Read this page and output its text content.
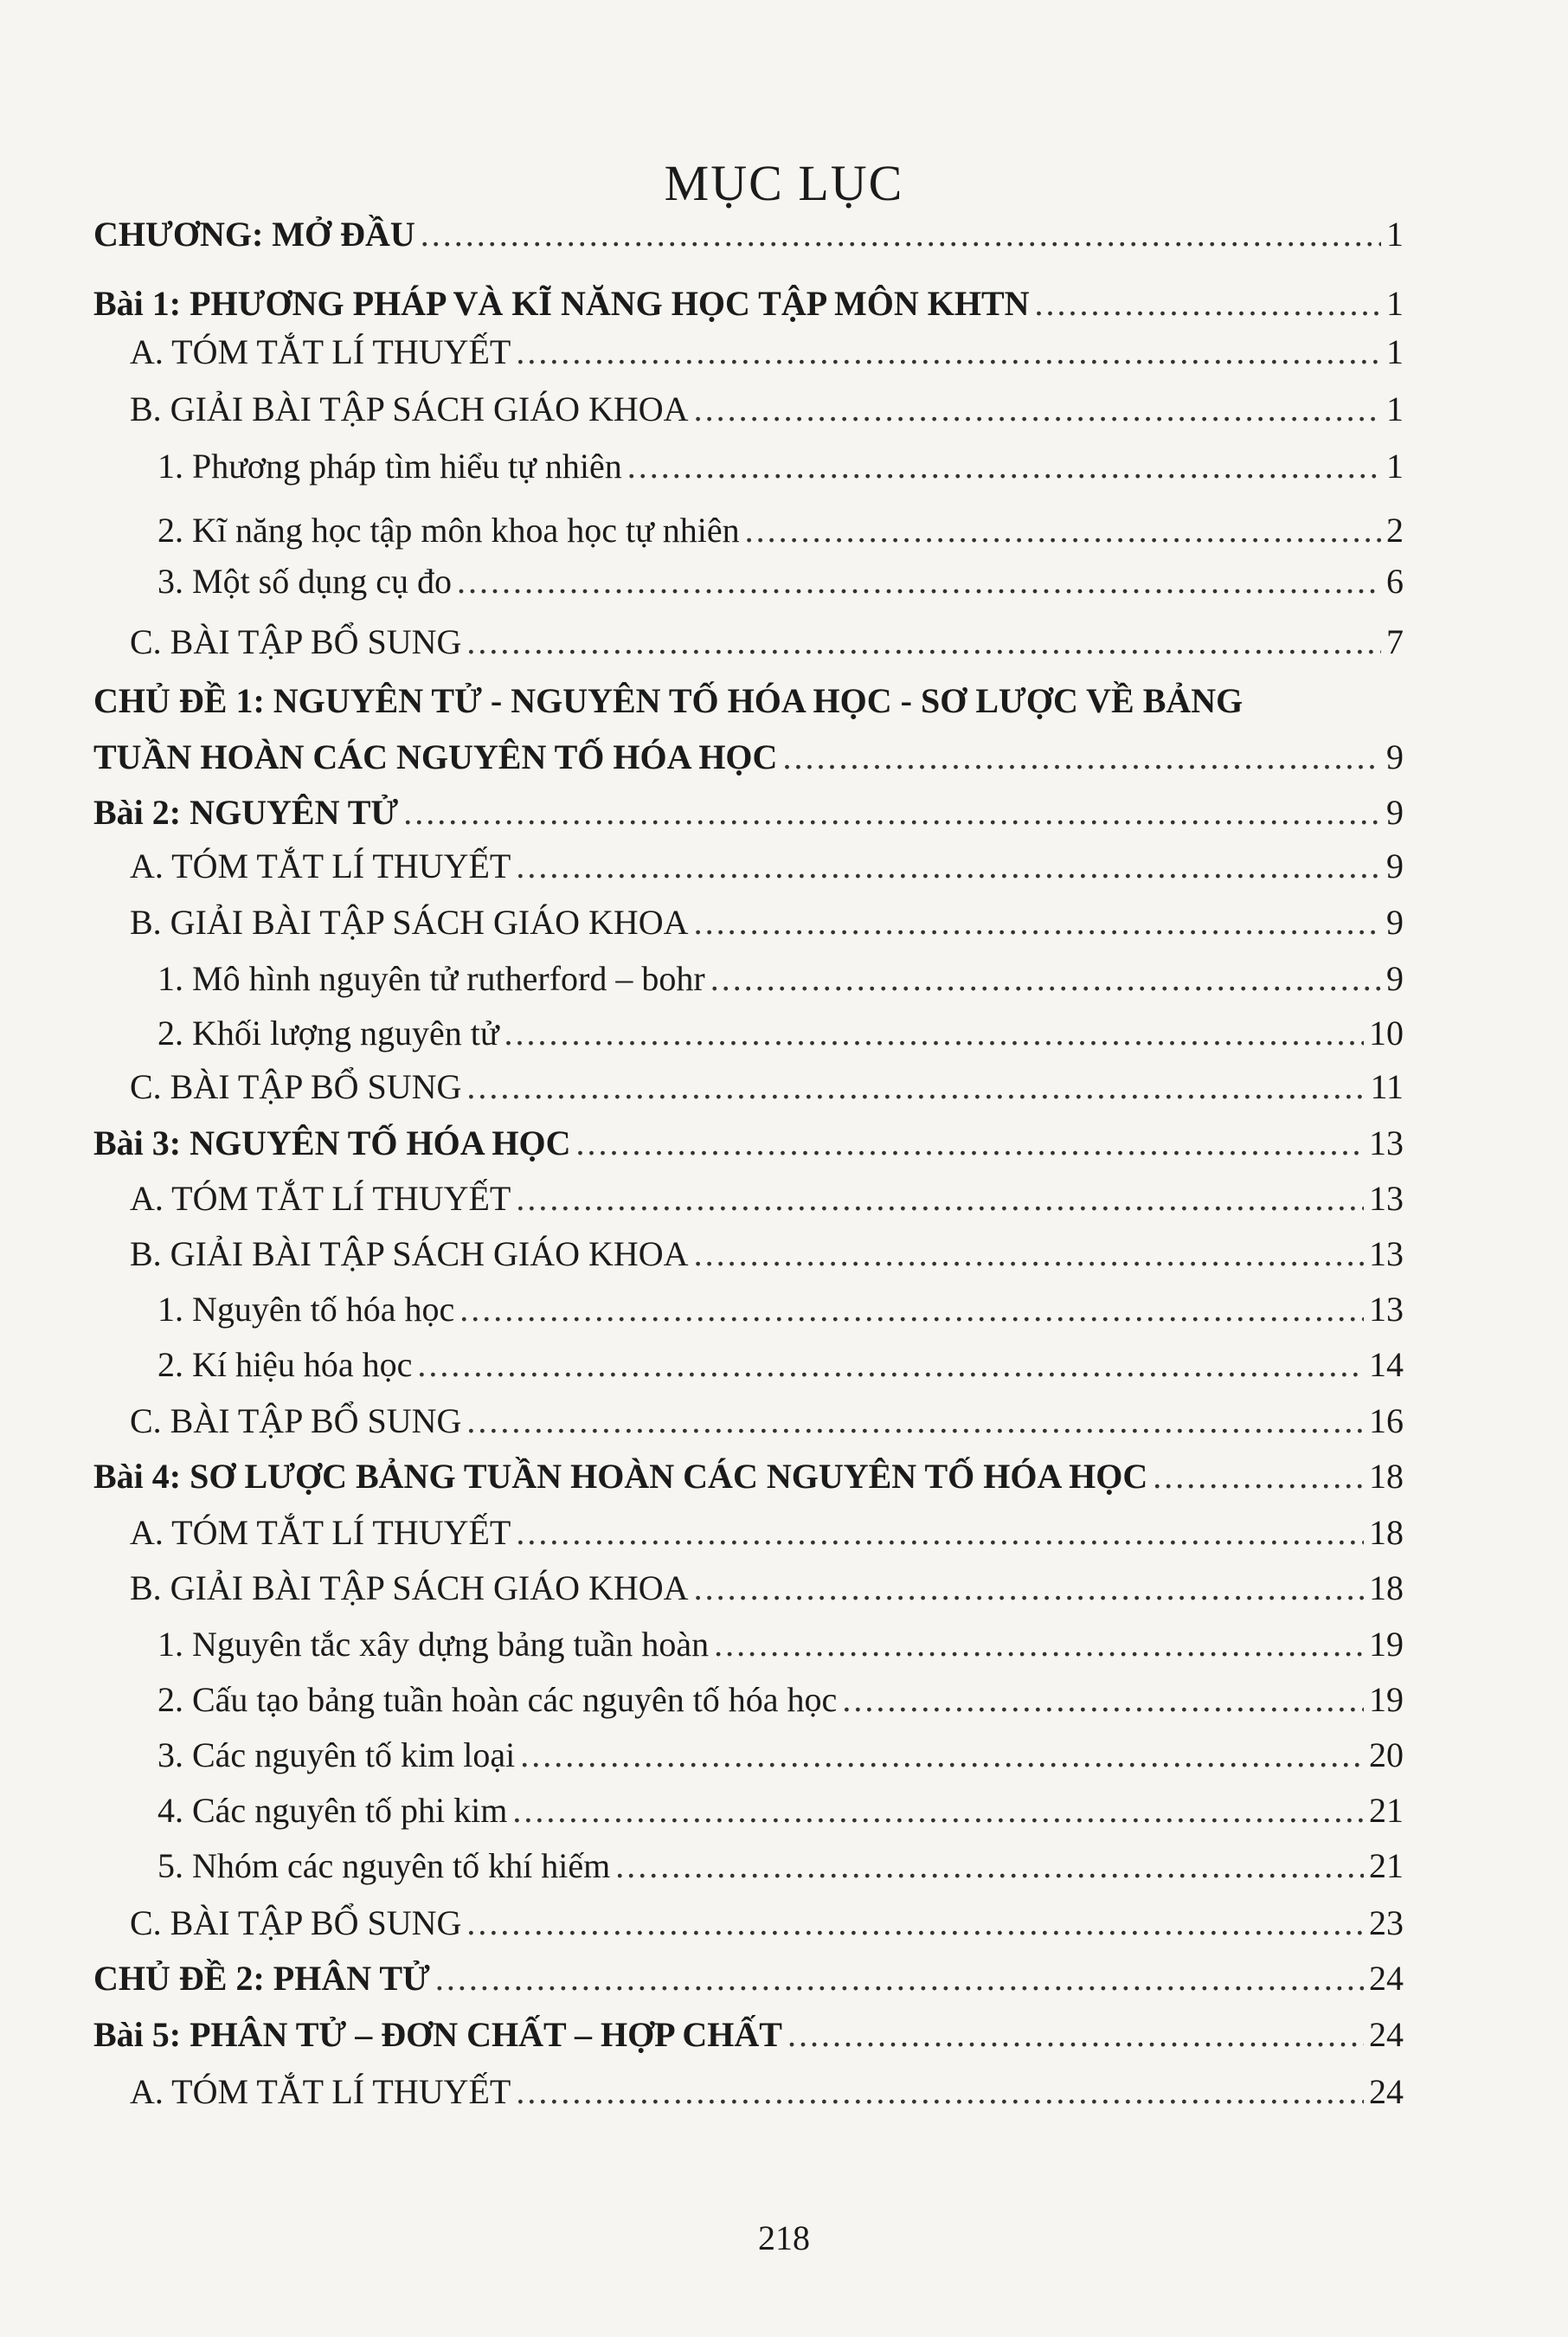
MỤC LỤC
CHƯƠNG: MỞ ĐẦU .....	1
Bài 1: PHƯƠNG PHÁP VÀ KĨ NĂNG HỌC TẬP MÔN KHTN .....	1
A. TÓM TẮT LÍ THUYẾT .....	1
B. GIẢI BÀI TẬP SÁCH GIÁO KHOA .....	1
1. Phương pháp tìm hiểu tự nhiên .....	1
2. Kĩ năng học tập môn khoa học tự nhiên .....	2
3. Một số dụng cụ đo .....	6
C. BÀI TẬP BỔ SUNG .....	7
CHỦ ĐỀ 1: NGUYÊN TỬ - NGUYÊN TỐ HÓA HỌC - SƠ LƯỢC VỀ BẢNG
TUẦN HOÀN CÁC NGUYÊN TỐ HÓA HỌC .....	9
Bài 2: NGUYÊN TỬ .....	9
A. TÓM TẮT LÍ THUYẾT .....	9
B. GIẢI BÀI TẬP SÁCH GIÁO KHOA .....	9
1. Mô hình nguyên tử rutherford – bohr .....	9
2. Khối lượng nguyên tử .....	10
C. BÀI TẬP BỔ SUNG .....	11
Bài 3: NGUYÊN TỐ HÓA HỌC .....	13
A. TÓM TẮT LÍ THUYẾT .....	13
B. GIẢI BÀI TẬP SÁCH GIÁO KHOA .....	13
1. Nguyên tố hóa học .....	13
2. Kí hiệu hóa học .....	14
C. BÀI TẬP BỔ SUNG .....	16
Bài 4: SƠ LƯỢC BẢNG TUẦN HOÀN CÁC NGUYÊN TỐ HÓA HỌC .....	18
A. TÓM TẮT LÍ THUYẾT .....	18
B. GIẢI BÀI TẬP SÁCH GIÁO KHOA .....	18
1. Nguyên tắc xây dựng bảng tuần hoàn .....	19
2. Cấu tạo bảng tuần hoàn các nguyên tố hóa học .....	19
3. Các nguyên tố kim loại .....	20
4. Các nguyên tố phi kim .....	21
5. Nhóm các nguyên tố khí hiếm .....	21
C. BÀI TẬP BỔ SUNG .....	23
CHỦ ĐỀ 2: PHÂN TỬ .....	24
Bài 5: PHÂN TỬ – ĐƠN CHẤT – HỢP CHẤT .....	24
A. TÓM TẮT LÍ THUYẾT .....	24
218
